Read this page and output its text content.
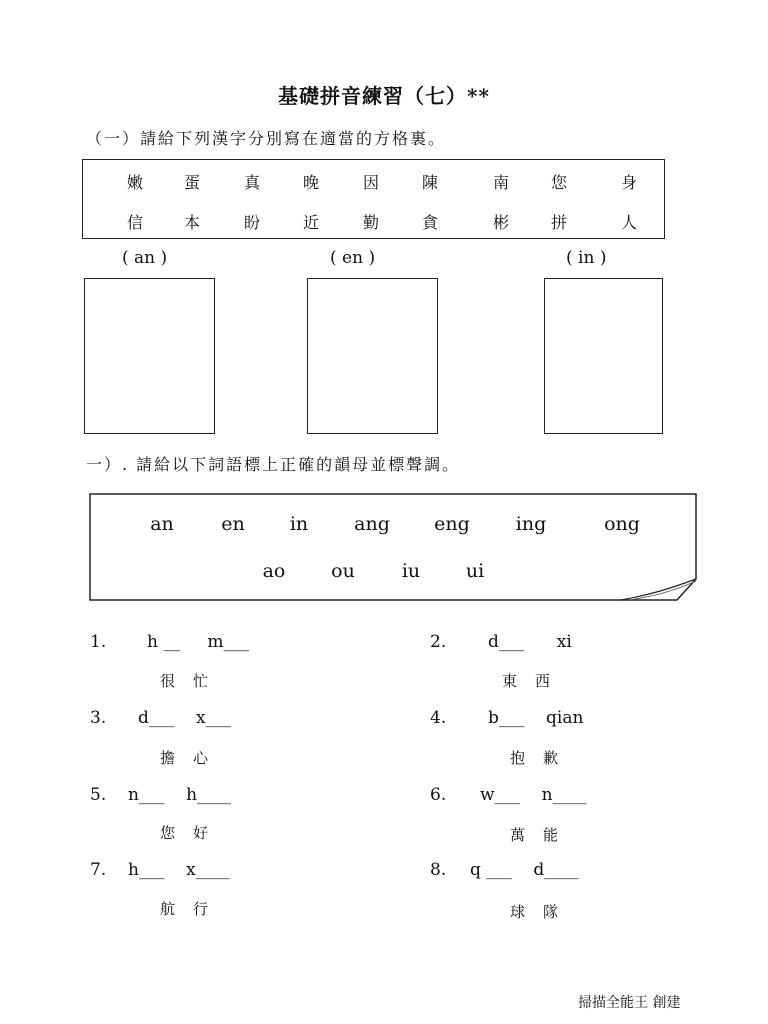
基礎拼音練習（七）**
（一）請給下列漢字分別寫在適當的方格裏。
嫩	蛋	真	晚	因	陳	南	您	身
信	本	盼	近	勤	貪	彬	拼	人
( an )	( en )	( in )
一）. 請給以下詞語標上正確的韻母並標聲調。
an en in ang eng ing	ong
ao ou iu ui
1. h __     m___
很忙
3. d___    x___
擔心
5. n___    h____
您好
7. h___    x____
航行
2. d___      xi
東西
4. b___    qian
抱歉
6. w___    n____
萬能
8. q ___    d____
球隊
掃描全能王 創建
